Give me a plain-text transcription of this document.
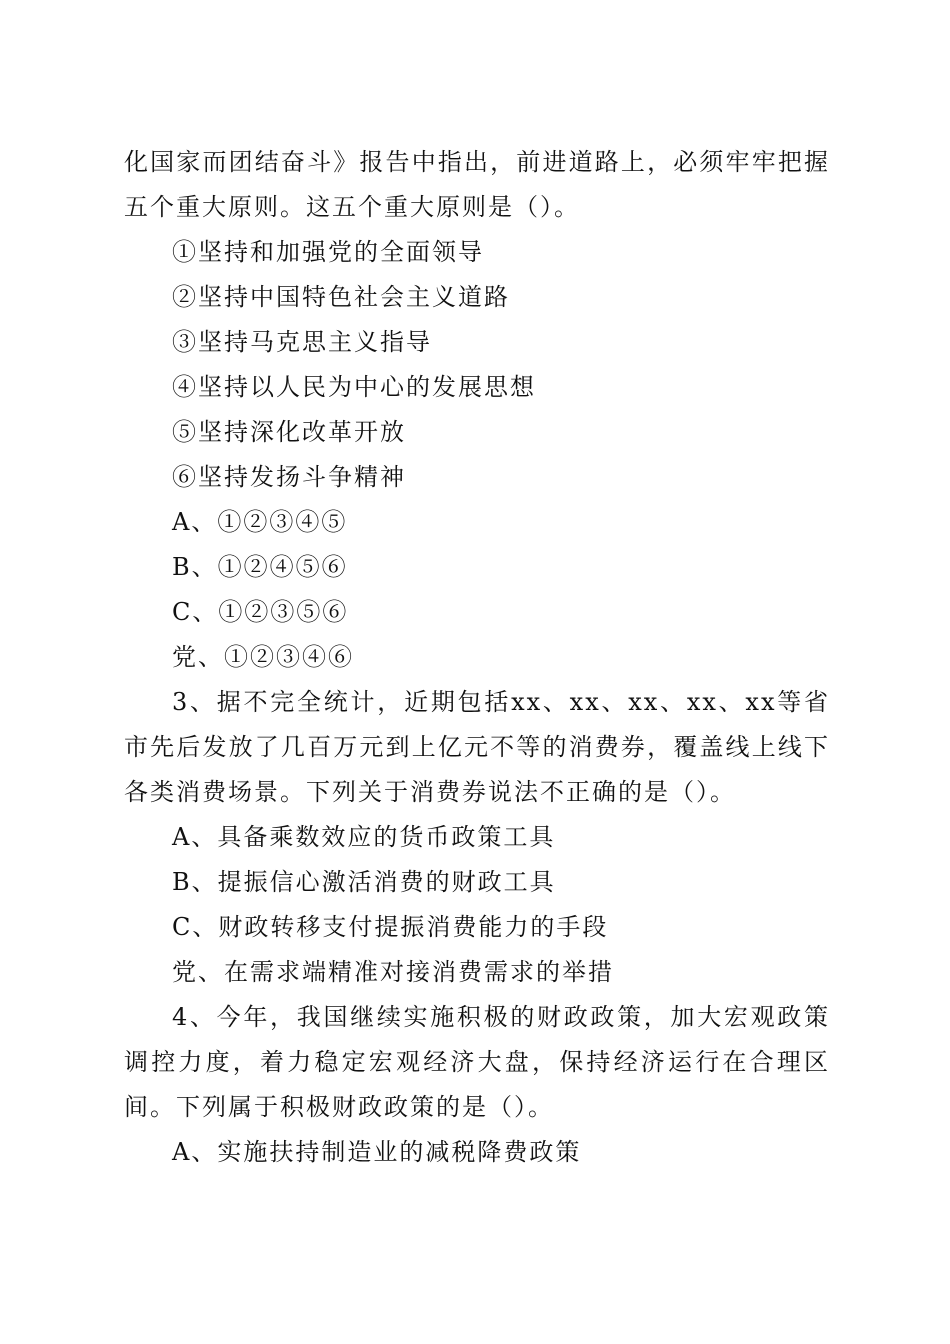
化国家而团结奋斗》报告中指出，前进道路上，必须牢牢把握五个重大原则。这五个重大原则是（）。

①坚持和加强党的全面领导

②坚持中国特色社会主义道路

③坚持马克思主义指导

④坚持以人民为中心的发展思想

⑤坚持深化改革开放

⑥坚持发扬斗争精神

A、①②③④⑤

B、①②④⑤⑥

C、①②③⑤⑥

党、①②③④⑥

3、据不完全统计，近期包括xx、xx、xx、xx、xx等省市先后发放了几百万元到上亿元不等的消费券，覆盖线上线下各类消费场景。下列关于消费券说法不正确的是（）。

A、具备乘数效应的货币政策工具

B、提振信心激活消费的财政工具

C、财政转移支付提振消费能力的手段

党、在需求端精准对接消费需求的举措

4、今年，我国继续实施积极的财政政策，加大宏观政策调控力度，着力稳定宏观经济大盘，保持经济运行在合理区间。下列属于积极财政政策的是（）。

A、实施扶持制造业的减税降费政策
